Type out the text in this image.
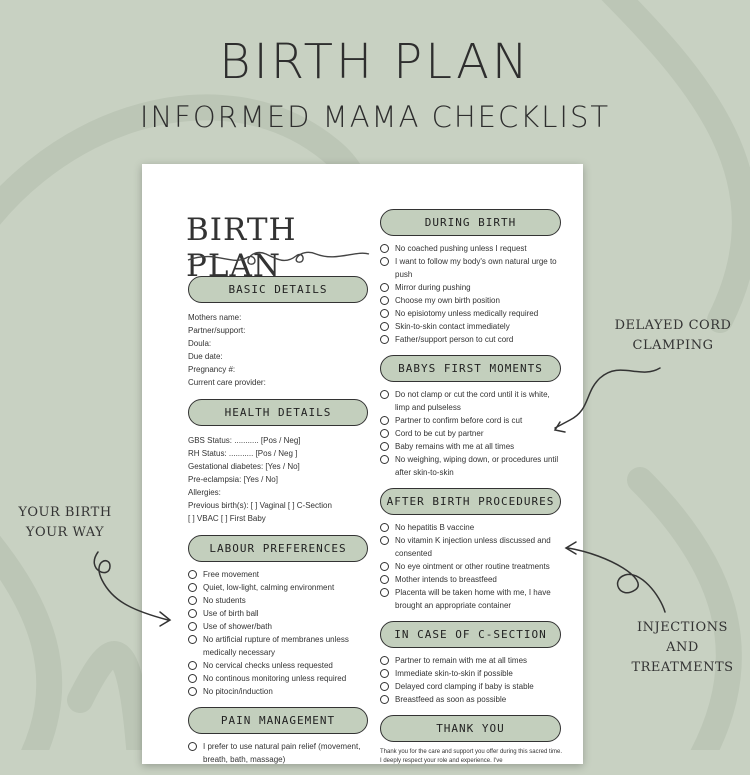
BIRTH PLAN
INFORMED MAMA CHECKLIST
BIRTH PLAN
BASIC DETAILS
Mothers name:
Partner/support:
Doula:
Due date:
Pregnancy #:
Current care provider:
HEALTH DETAILS
GBS Status: ........... [Pos / Neg]
RH Status: ........... [Pos / Neg ]
Gestational diabetes: [Yes / No]
Pre-eclampsia: [Yes / No]
Allergies:
Previous birth(s): [ ] Vaginal [ ] C-Section
[ ] VBAC [ ] First Baby
LABOUR PREFERENCES
Free movement
Quiet, low-light, calming environment
No students
Use of birth ball
Use of shower/bath
No artificial rupture of membranes unless medically necessary
No cervical checks unless requested
No continous monitoring unless required
No pitocin/induction
PAIN MANAGEMENT
I prefer to use natural pain relief (movement, breath, bath, massage)
DURING BIRTH
No coached pushing unless I request
I want to follow my body's own natural urge to push
Mirror during pushing
Choose my own birth position
No episiotomy unless medically required
Skin-to-skin contact immediately
Father/support person to cut cord
BABYS FIRST MOMENTS
Do not clamp or cut the cord until it is white, limp and pulseless
Partner to confirm before cord is cut
Cord to be cut by partner
Baby remains with me at all times
No weighing, wiping down, or procedures until after skin-to-skin
AFTER BIRTH PROCEDURES
No hepatitis B vaccine
No vitamin K injection unless discussed and consented
No eye ointment or other routine treatments
Mother intends to breastfeed
Placenta will be taken home with me, I have brought an appropriate container
IN CASE OF C-SECTION
Partner to remain with me at all times
Immediate skin-to-skin if possible
Delayed cord clamping if baby is stable
Breastfeed as soon as possible
THANK YOU
Thank you for the care and support you offer during this sacred time. I deeply respect your role and experience. I've
DELAYED CORD CLAMPING
YOUR BIRTH YOUR WAY
INJECTIONS AND TREATMENTS
